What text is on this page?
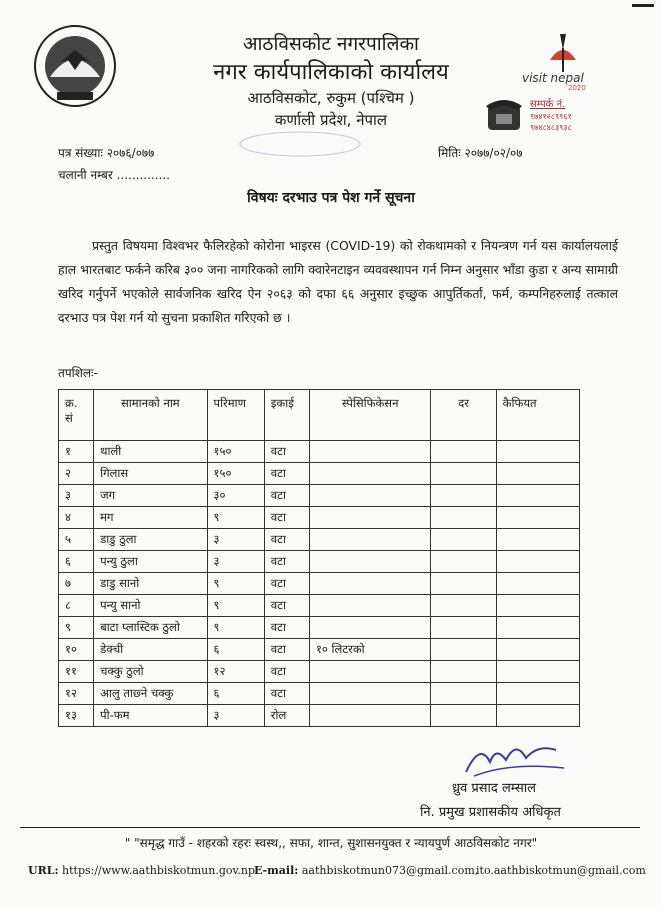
आठविसकोट नगरपालिका
नगर कार्यपालिकाको कार्यालय
आठविसकोट, रुकुम (पश्चिम )
कर्णाली प्रदेश, नेपाल
visit nepal
2020
सम्पर्क नं.
९७४१२८९९६१
९७४८४८३९३८
पत्र संख्याः २०७६/०७७
चलानी नम्बर ..............
मितिः २०७७/०२/०७
विषयः दरभाउ पत्र पेश गर्ने सूचना
प्रस्तुत विषयमा विश्वभर फैलिरहेको कोरोना भाइरस (COVID-19) को रोकथामको र नियन्त्रण गर्न यस कार्यालयलाई हाल भारतबाट फर्कने करिब ३०० जना नागरिकको लागि क्वारेनटाइन व्यववस्थापन गर्न निम्न अनुसार भाँडा कुडा र अन्य सामाग्री खरिद गर्नुपर्ने भएकोले सार्वजनिक खरिद ऐन २०६३ को दफा ६६ अनुसार इच्छुक आपुर्तिकर्ता, फर्म, कम्पनिहरुलाई तत्काल दरभाउ पत्र पेश गर्न यो सुचना प्रकाशित गरिएको छ ।
तपशिलः-
क्र. सं	सामानको नाम	परिमाण	इकाई	स्पेसिफिकेसन	दर	कैफियत
१	थाली	१५०	वटा			
२	गिलास	१५०	वटा			
३	जग	३०	वटा			
४	मग	९	वटा			
५	डाडु ठुला	३	वटा			
६	पन्यु ठुला	३	वटा			
७	डाडु सानो	९	वटा			
८	पन्यु सानो	९	वटा			
९	बाटा प्लास्टिक ठुलो	९	वटा			
१०	डेक्ची	६	वटा	१० लिटरको		
११	चक्कु ठुलो	१२	वटा			
१२	आलु ताछ्ने चक्कु	६	वटा			
१३	पी-फम	३	रोल			
ध्रुव प्रसाद लम्साल
नि. प्रमुख प्रशासकीय अधिकृत
" "समृद्ध गाउँ - शहरको रहरः स्वस्थ,, सफा, शान्त, सुशासनयुक्त र न्यायपुर्ण आठविसकोट नगर"
URL: https://www.aathbiskotmun.gov.np
E-mail: aathbiskotmun073@gmail.com,
ito.aathbiskotmun@gmail.com
